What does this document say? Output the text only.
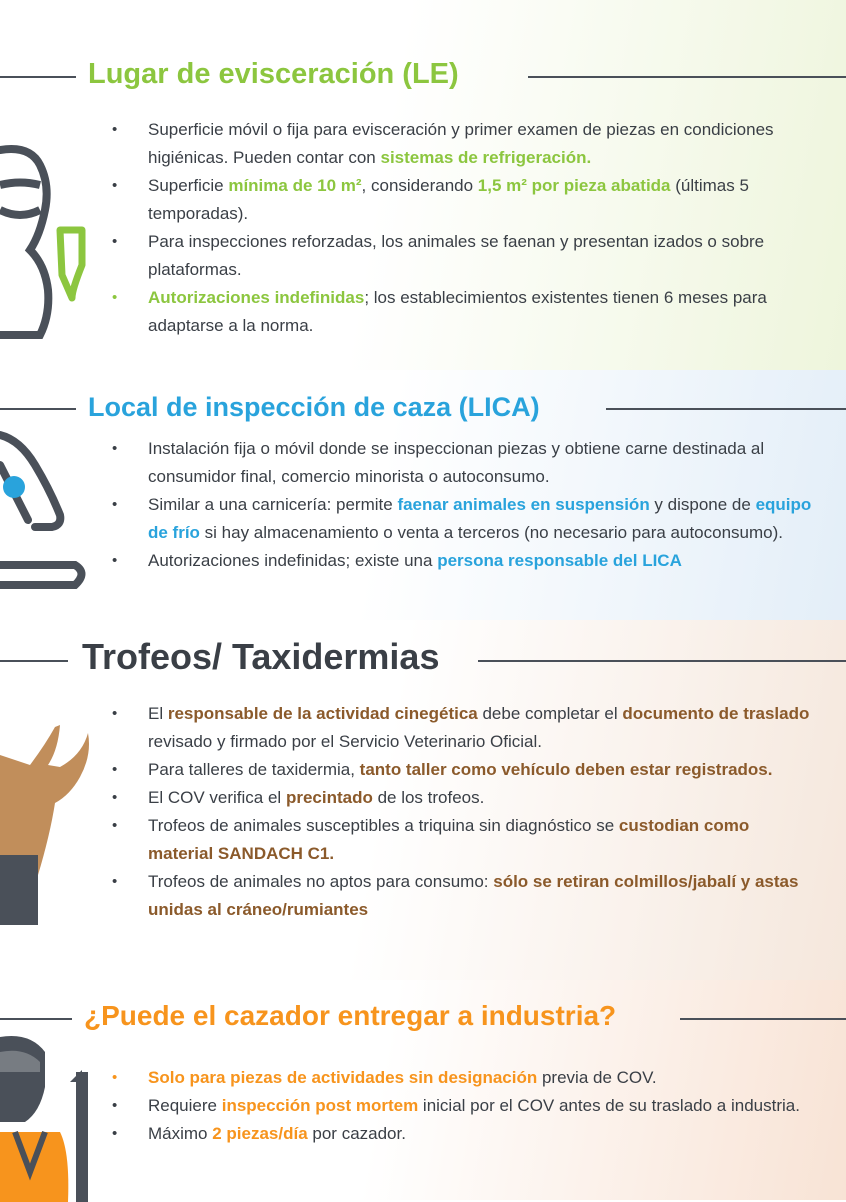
Lugar de evisceración (LE)
• Superficie móvil o fija para evisceración y primer examen de piezas en condiciones higiénicas. Pueden contar con sistemas de refrigeración.
• Superficie mínima de 10 m², considerando 1,5 m² por pieza abatida (últimas 5 temporadas).
• Para inspecciones reforzadas, los animales se faenan y presentan izados o sobre plataformas.
• Autorizaciones indefinidas; los establecimientos existentes tienen 6 meses para adaptarse a la norma.
Local de inspección de caza (LICA)
• Instalación fija o móvil donde se inspeccionan piezas y obtiene carne destinada al consumidor final, comercio minorista o autoconsumo.
• Similar a una carnicería: permite faenar animales en suspensión y dispone de equipo de frío si hay almacenamiento o venta a terceros (no necesario para autoconsumo).
• Autorizaciones indefinidas; existe una persona responsable del LICA
Trofeos/ Taxidermias
• El responsable de la actividad cinegética debe completar el documento de traslado revisado y firmado por el Servicio Veterinario Oficial.
• Para talleres de taxidermia, tanto taller como vehículo deben estar registrados.
• El COV verifica el precintado de los trofeos.
• Trofeos de animales susceptibles a triquina sin diagnóstico se custodian como material SANDACH C1.
• Trofeos de animales no aptos para consumo: sólo se retiran colmillos/jabalí y astas unidas al cráneo/rumiantes
¿Puede el cazador entregar a industria?
• Solo para piezas de actividades sin designación previa de COV.
• Requiere inspección post mortem inicial por el COV antes de su traslado a industria.
• Máximo 2 piezas/día por cazador.
